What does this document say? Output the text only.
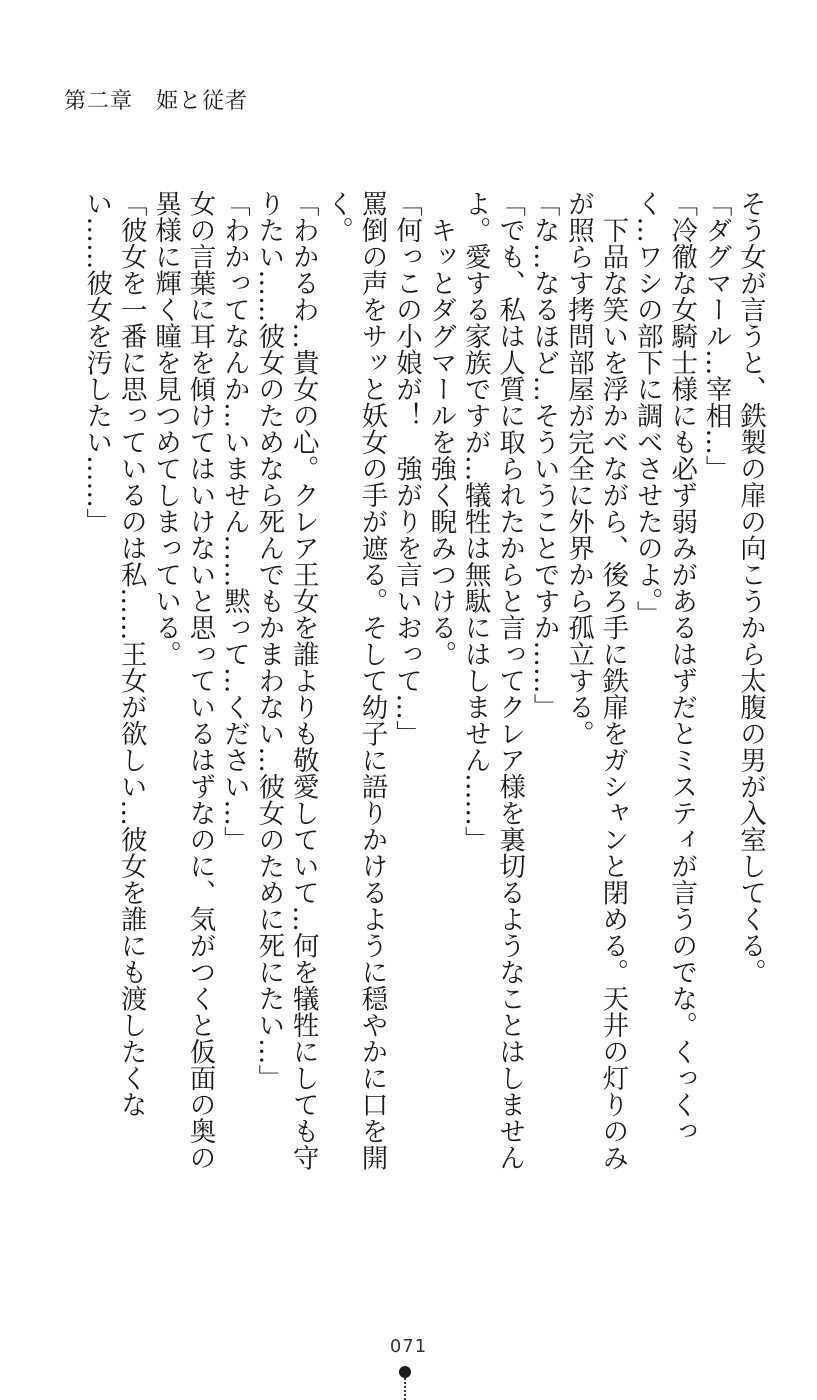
第二章　姫と従者

そう女が言うと、鉄製の扉の向こうから太腹の男が入室してくる。

「ダグマール…宰相…」

「冷徹な女騎士様にも必ず弱みがあるはずだとミスティが言うのでな。くっくっく…ワシの部下に調べさせたのよ。」

　下品な笑いを浮かべながら、後ろ手に鉄扉をガシャンと閉める。天井の灯りのみが照らす拷問部屋が完全に外界から孤立する。

「な…なるほど…そういうことですか……」

「でも、私は人質に取られたからと言ってクレア様を裏切るようなことはしませんよ。愛する家族ですが…犠牲は無駄にはしません……」

　キッとダグマールを強く睨みつける。

「何っこの小娘が！　強がりを言いおって…」

罵倒の声をサッと妖女の手が遮る。そして幼子に語りかけるように穏やかに口を開く。

「わかるわ…貴女の心。クレア王女を誰よりも敬愛していて…何を犠牲にしても守りたい……彼女のためなら死んでもかまわない…彼女のために死にたい…」

「わかってなんか…いません……黙って…ください…」

女の言葉に耳を傾けてはいけないと思っているはずなのに、気がつくと仮面の奥の異様に輝く瞳を見つめてしまっている。

「彼女を一番に思っているのは私……王女が欲しい…彼女を誰にも渡したくない……彼女を汚したい……」

071
